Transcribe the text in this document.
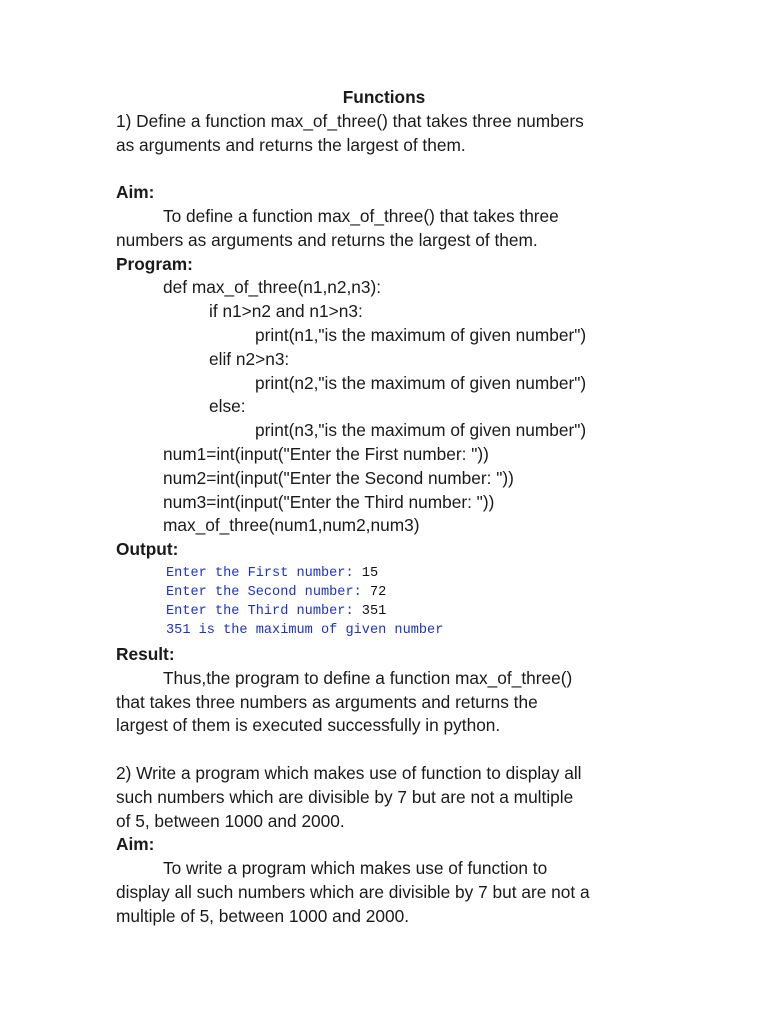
Functions
1) Define a function max_of_three() that takes three numbers
as arguments and returns the largest of them.
Aim:
To define a function max_of_three() that takes three
numbers as arguments and returns the largest of them.
Program:
def max_of_three(n1,n2,n3):
if n1>n2 and n1>n3:
print(n1,"is the maximum of given number")
elif n2>n3:
print(n2,"is the maximum of given number")
else:
print(n3,"is the maximum of given number")
num1=int(input("Enter the First number: "))
num2=int(input("Enter the Second number: "))
num3=int(input("Enter the Third number: "))
max_of_three(num1,num2,num3)
Output:
Enter the First number: 15
Enter the Second number: 72
Enter the Third number: 351
351 is the maximum of given number
Result:
Thus,the program to define a function max_of_three()
that takes three numbers as arguments and returns the
largest of them is executed successfully in python.
2) Write a program which makes use of function to display all
such numbers which are divisible by 7 but are not a multiple
of 5, between 1000 and 2000.
Aim:
To write a program which makes use of function to
display all such numbers which are divisible by 7 but are not a
multiple of 5, between 1000 and 2000.
